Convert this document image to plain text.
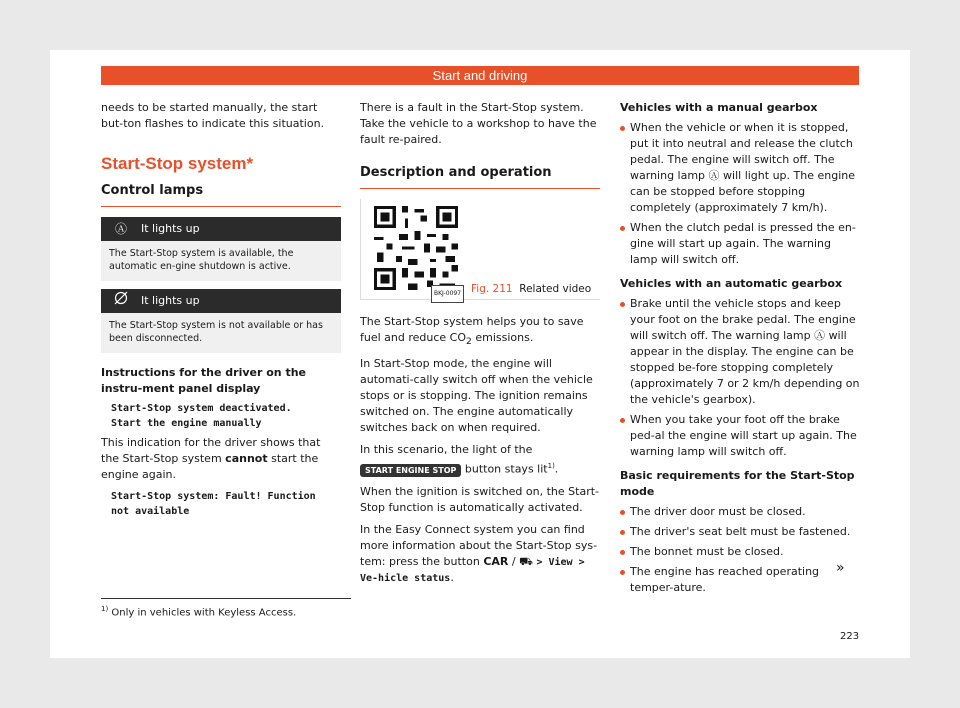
Start and driving

needs to be started manually, the start but-ton flashes to indicate this situation.

Start-Stop system*
Control lamps
Ⓐ	It lights up
The Start-Stop system is available, the automatic en-gine shutdown is active.
It lights up
The Start-Stop system is not available or has been disconnected.
Instructions for the driver on the instru-ment panel display
Start-Stop system deactivated.
Start the engine manually

This indication for the driver shows that the Start-Stop system cannot start the engine again.

Start-Stop system: Fault! Function
not available

There is a fault in the Start-Stop system. Take the vehicle to a workshop to have the fault re-paired.

Description and operation
BKJ-0097 Fig. 211 Related video

The Start-Stop system helps you to save fuel and reduce $CO_2$ emissions.

In Start-Stop mode, the engine will automati-cally switch off when the vehicle stops or is stopping. The ignition remains switched on. The engine automatically switches back on when required.

In this scenario, the light of the START ENGINE STOP button stays lit$^{1)}$.

When the ignition is switched on, the Start-Stop function is automatically activated.

In the Easy Connect system you can find more information about the Start-Stop sys-tem: press the button CAR / ⛟ > View > Ve-hicle status.

Vehicles with a manual gearbox
When the vehicle or when it is stopped, put it into neutral and release the clutch pedal. The engine will switch off. The warning lamp Ⓐ will light up. The engine can be stopped before stopping completely (approximately 7 km/h).
When the clutch pedal is pressed the en-gine will start up again. The warning lamp will switch off.
Vehicles with an automatic gearbox
Brake until the vehicle stops and keep your foot on the brake pedal. The engine will switch off. The warning lamp Ⓐ will appear in the display. The engine can be stopped be-fore stopping completely (approximately 7 or 2 km/h depending on the vehicle's gearbox).
When you take your foot off the brake ped-al the engine will start up again. The warning lamp will switch off.
Basic requirements for the Start-Stop mode
The driver door must be closed.
The driver's seat belt must be fastened.
The bonnet must be closed.
The engine has reached operating temper-ature.
»
$^{1)}$ Only in vehicles with Keyless Access.
223
